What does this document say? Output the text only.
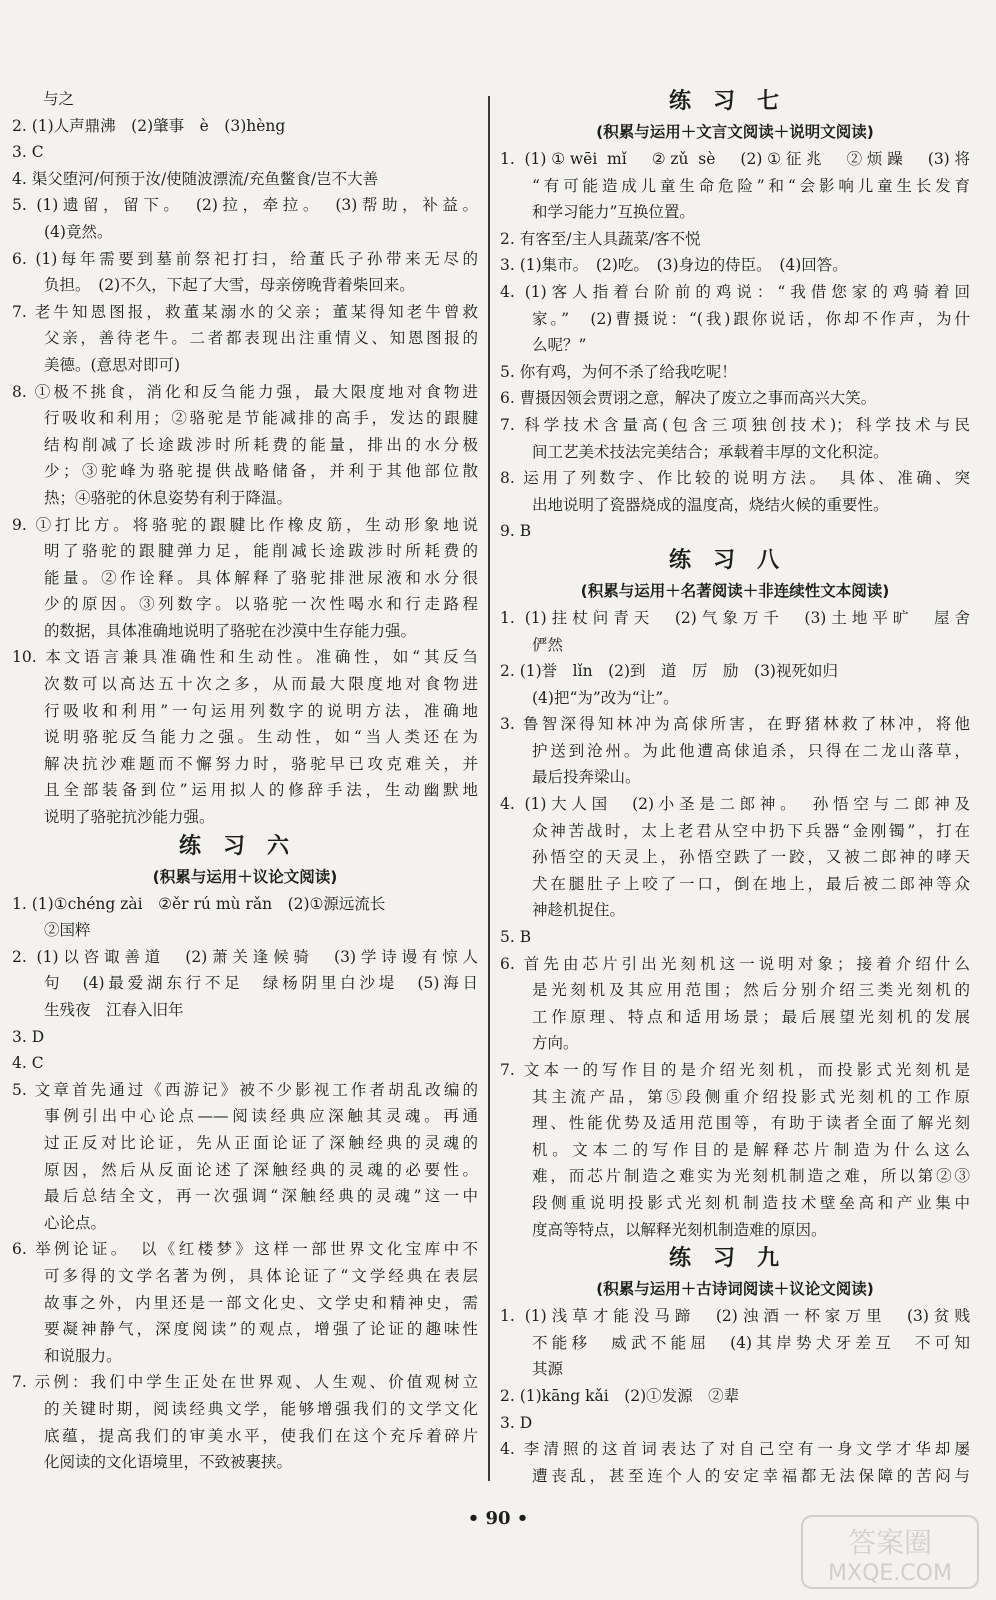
　　与之
2. (1)人声鼎沸　(2)肇事　è　(3)hèng
3. C
4. 渠父堕河/何预于汝/使随波漂流/充鱼鳖食/岂不大善
5. (1)遗留，留下。　(2)拉，牵拉。　(3)帮助，补益。
(4)竟然。
6. (1)每年需要到墓前祭祀打扫，给董氏子孙带来无尽的
负担。　(2)不久，下起了大雪，母亲傍晚背着柴回来。
7. 老牛知恩图报，救董某溺水的父亲；董某得知老牛曾救
父亲，善待老牛。二者都表现出注重情义、知恩图报的
美德。(意思对即可)
8. ①极不挑食，消化和反刍能力强，最大限度地对食物进
行吸收和利用；②骆驼是节能减排的高手，发达的跟腱
结构削减了长途跋涉时所耗费的能量，排出的水分极
少；③驼峰为骆驼提供战略储备，并利于其他部位散
热；④骆驼的休息姿势有利于降温。
9. ①打比方。将骆驼的跟腱比作橡皮筋，生动形象地说
明了骆驼的跟腱弹力足，能削减长途跋涉时所耗费的
能量。②作诠释。具体解释了骆驼排泄尿液和水分很
少的原因。③列数字。以骆驼一次性喝水和行走路程
的数据，具体准确地说明了骆驼在沙漠中生存能力强。
10. 本文语言兼具准确性和生动性。准确性，如“其反刍
次数可以高达五十次之多，从而最大限度地对食物进
行吸收和利用”一句运用列数字的说明方法，准确地
说明骆驼反刍能力之强。生动性，如“当人类还在为
解决抗沙难题而不懈努力时，骆驼早已攻克难关，并
且全部装备到位”运用拟人的修辞手法，生动幽默地
说明了骆驼抗沙能力强。
练习六
(积累与运用＋议论文阅读)
1. (1)①chéng zài　②ěr rú mù rǎn　(2)①源远流长
②国粹
2. (1)以咨诹善道　(2)萧关逢候骑　(3)学诗谩有惊人
句　(4)最爱湖东行不足　绿杨阴里白沙堤　(5)海日
生残夜　江春入旧年
3. D
4. C
5. 文章首先通过《西游记》被不少影视工作者胡乱改编的
事例引出中心论点——阅读经典应深触其灵魂。再通
过正反对比论证，先从正面论证了深触经典的灵魂的
原因，然后从反面论述了深触经典的灵魂的必要性。
最后总结全文，再一次强调“深触经典的灵魂”这一中
心论点。
6. 举例论证。　以《红楼梦》这样一部世界文化宝库中不
可多得的文学名著为例，具体论证了“文学经典在表层
故事之外，内里还是一部文化史、文学史和精神史，需
要凝神静气，深度阅读”的观点，增强了论证的趣味性
和说服力。
7. 示例：我们中学生正处在世界观、人生观、价值观树立
的关键时期，阅读经典文学，能够增强我们的文学文化
底蕴，提高我们的审美水平，使我们在这个充斥着碎片
化阅读的文化语境里，不致被裹挟。
练习七
(积累与运用＋文言文阅读＋说明文阅读)
1. (1)①wēi mǐ　②zǔ sè　(2)①征兆　②烦躁　(3)将
“有可能造成儿童生命危险”和“会影响儿童生长发育
和学习能力”互换位置。
2. 有客至/主人具蔬菜/客不悦
3. (1)集市。　(2)吃。　(3)身边的侍臣。　(4)回答。
4. (1)客人指着台阶前的鸡说：“我借您家的鸡骑着回
家。”　(2)曹摄说：“(我)跟你说话，你却不作声，为什
么呢？”
5. 你有鸡，为何不杀了给我吃呢！
6. 曹摄因领会贾诩之意，解决了废立之事而高兴大笑。
7. 科学技术含量高(包含三项独创技术)；科学技术与民
间工艺美术技法完美结合；承载着丰厚的文化积淀。
8. 运用了列数字、作比较的说明方法。　具体、准确、突
出地说明了瓷器烧成的温度高，烧结火候的重要性。
9. B
练习八
(积累与运用＋名著阅读＋非连续性文本阅读)
1. (1)拄杖问青天　(2)气象万千　(3)土地平旷　屋舍
俨然
2. (1)誉　lǐn　(2)到　道　厉　励　(3)视死如归
(4)把“为”改为“让”。
3. 鲁智深得知林冲为高俅所害，在野猪林救了林冲，将他
护送到沧州。为此他遭高俅追杀，只得在二龙山落草，
最后投奔梁山。
4. (1)大人国　(2)小圣是二郎神。　孙悟空与二郎神及
众神苦战时，太上老君从空中扔下兵器“金刚镯”，打在
孙悟空的天灵上，孙悟空跌了一跤，又被二郎神的哮天
犬在腿肚子上咬了一口，倒在地上，最后被二郎神等众
神趁机捉住。
5. B
6. 首先由芯片引出光刻机这一说明对象；接着介绍什么
是光刻机及其应用范围；然后分别介绍三类光刻机的
工作原理、特点和适用场景；最后展望光刻机的发展
方向。
7. 文本一的写作目的是介绍光刻机，而投影式光刻机是
其主流产品，第⑤段侧重介绍投影式光刻机的工作原
理、性能优势及适用范围等，有助于读者全面了解光刻
机。文本二的写作目的是解释芯片制造为什么这么
难，而芯片制造之难实为光刻机制造之难，所以第②③
段侧重说明投影式光刻机制造技术壁垒高和产业集中
度高等特点，以解释光刻机制造难的原因。
练习九
(积累与运用＋古诗词阅读＋议论文阅读)
1. (1)浅草才能没马蹄　(2)浊酒一杯家万里　(3)贫贱
不能移　威武不能屈　(4)其岸势犬牙差互　不可知
其源
2. (1)kāng kǎi　(2)①发源　②辈
3. D
4. 李清照的这首词表达了对自己空有一身文学才华却屡
遭丧乱，甚至连个人的安定幸福都无法保障的苦闷与
• 90 •
答案圈
MXQE.COM
